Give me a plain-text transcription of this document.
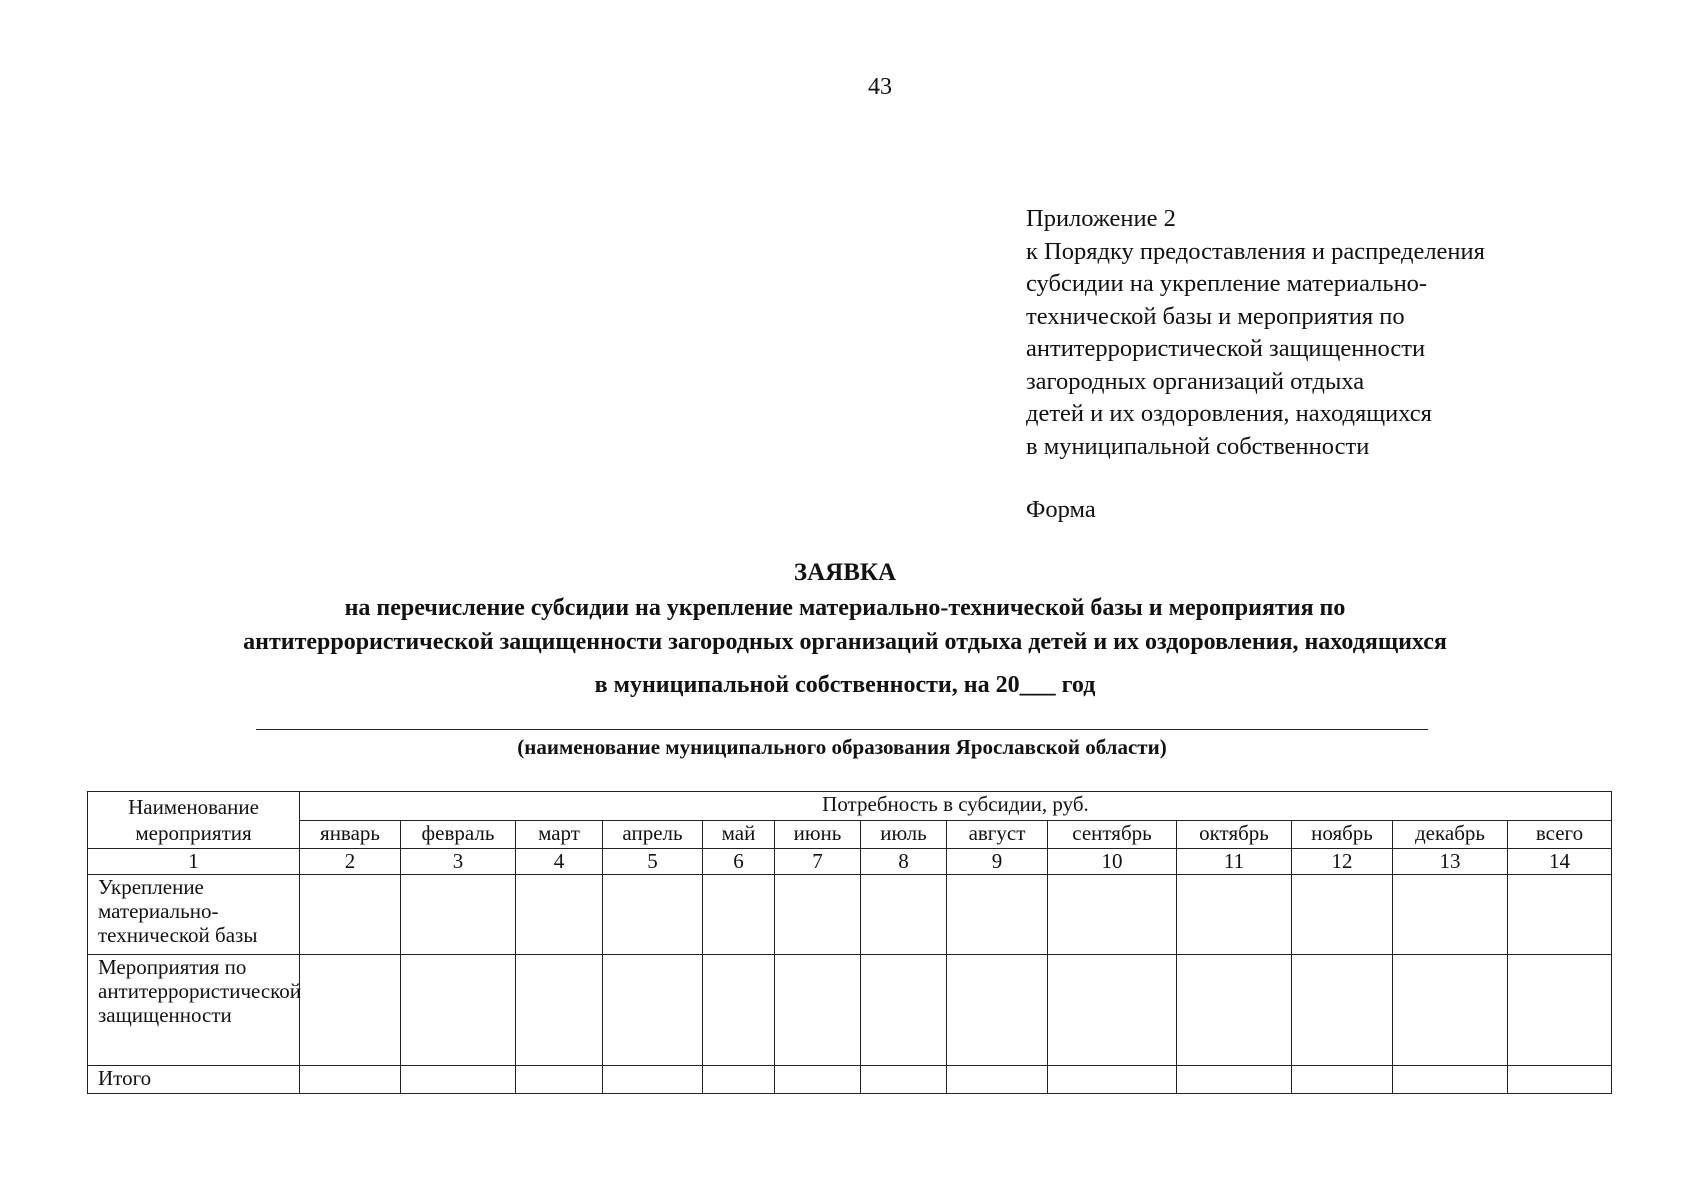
43
Приложение 2
к Порядку предоставления и распределения
субсидии на укрепление материально-
технической базы и мероприятия по
антитеррористической защищенности
загородных организаций отдыха
детей и их оздоровления, находящихся
в муниципальной собственности
Форма
ЗАЯВКА
на перечисление субсидии на укрепление материально-технической базы и мероприятия по
антитеррористической защищенности загородных организаций отдыха детей и их оздоровления, находящихся
в муниципальной собственности, на 20___ год
(наименование муниципального образования Ярославской области)
Наименование мероприятия	Потребность в субсидии, руб.												
	январь	февраль	март	апрель	май	июнь	июль	август	сентябрь	октябрь	ноябрь	декабрь	всего
1	2	3	4	5	6	7	8	9	10	11	12	13	14
Укрепление материально-технической базы													
Мероприятия по антитеррористической защищенности													
Итого													
